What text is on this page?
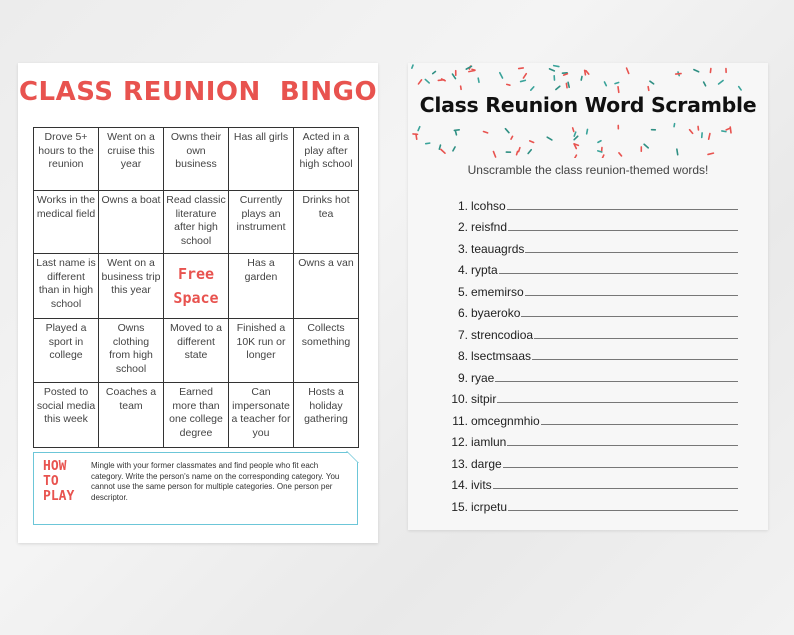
CLASS REUNION  BINGO
Drove 5+ hours to the reunion
Went on a cruise this year
Owns their own business
Has all girls	Acted in a play after high school
Works in the medical field
Owns a boat Read classic literature after high school
Currently plays an instrument
Drinks hot tea
Last name is different than in high school
Went on a business trip this year
Free Space
Has a garden
Owns a van
Played a sport in college
Owns clothing from high school
Moved to a different state
Finished a 10K run or longer
Collects something
Posted to social media this week
Coaches a team
Earned more than one college degree
Can impersonate a teacher for you
Hosts a holiday gathering
HOW
TO
PLAY
Mingle with your former classmates and find people who fit each category. Write the person's name on the corresponding category. You cannot use the same person for multiple categories. One person per descriptor.
Class Reunion Word Scramble
Unscramble the class reunion-themed words!
1. lcohso
2. reisfnd
3. teauagrds
4. rypta
5. ememirso
6. byaeroko
7. strencodioa
8. lsectmsaas
9. ryae
10. sitpir
11. omcegnmhio
12. iamlun
13. darge
14. ivits
15. icrpetu
